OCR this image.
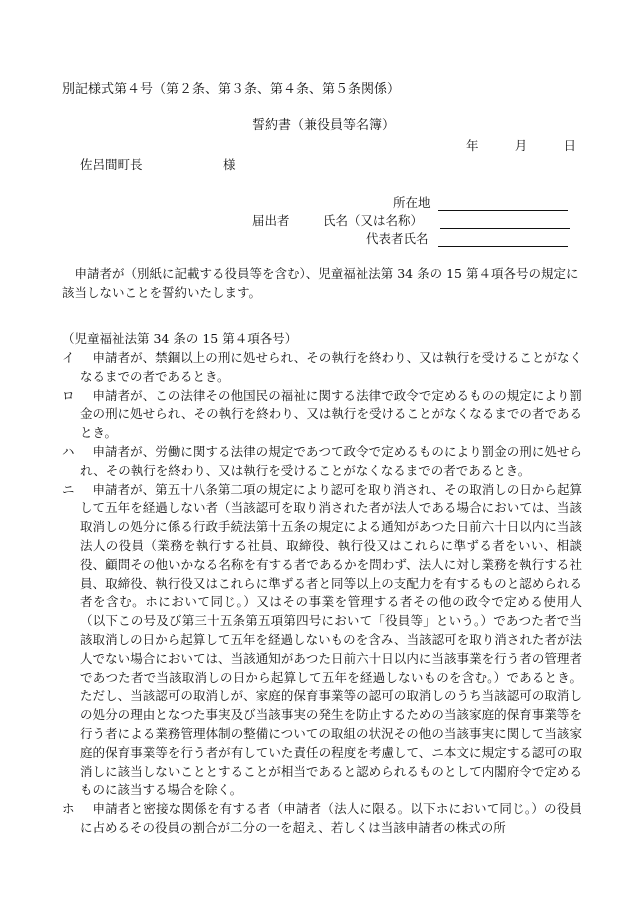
別記様式第４号（第２条、第３条、第４条、第５条関係）
誓約書（兼役員等名簿）
年	月	日
佐呂間町長	様
所在地
届出者	氏名（又は名称）
代表者氏名
申請者が（別紙に記載する役員等を含む）、児童福祉法第 34 条の 15 第４項各号の規定に該当しないことを誓約いたします。
（児童福祉法第 34 条の 15 第４項各号）
イ	申請者が、禁錮以上の刑に処せられ、その執行を終わり、又は執行を受けることがなくなるまでの者であるとき。
ロ	申請者が、この法律その他国民の福祉に関する法律で政令で定めるものの規定により罰金の刑に処せられ、その執行を終わり、又は執行を受けることがなくなるまでの者であるとき。
ハ	申請者が、労働に関する法律の規定であつて政令で定めるものにより罰金の刑に処せられ、その執行を終わり、又は執行を受けることがなくなるまでの者であるとき。
ニ	申請者が、第五十八条第二項の規定により認可を取り消され、その取消しの日から起算して五年を経過しない者（当該認可を取り消された者が法人である場合においては、当該取消しの処分に係る行政手続法第十五条の規定による通知があつた日前六十日以内に当該法人の役員（業務を執行する社員、取締役、執行役又はこれらに準ずる者をいい、相談役、顧問その他いかなる名称を有する者であるかを問わず、法人に対し業務を執行する社員、取締役、執行役又はこれらに準ずる者と同等以上の支配力を有するものと認められる者を含む。ホにおいて同じ。）又はその事業を管理する者その他の政令で定める使用人（以下この号及び第三十五条第五項第四号において「役員等」という。）であつた者で当該取消しの日から起算して五年を経過しないものを含み、当該認可を取り消された者が法人でない場合においては、当該通知があつた日前六十日以内に当該事業を行う者の管理者であつた者で当該取消しの日から起算して五年を経過しないものを含む。）であるとき。ただし、当該認可の取消しが、家庭的保育事業等の認可の取消しのうち当該認可の取消しの処分の理由となつた事実及び当該事実の発生を防止するための当該家庭的保育事業等を行う者による業務管理体制の整備についての取組の状況その他の当該事実に関して当該家庭的保育事業等を行う者が有していた責任の程度を考慮して、ニ本文に規定する認可の取消しに該当しないこととすることが相当であると認められるものとして内閣府令で定めるものに該当する場合を除く。
ホ	申請者と密接な関係を有する者（申請者（法人に限る。以下ホにおいて同じ。）の役員に占めるその役員の割合が二分の一を超え、若しくは当該申請者の株式の所
